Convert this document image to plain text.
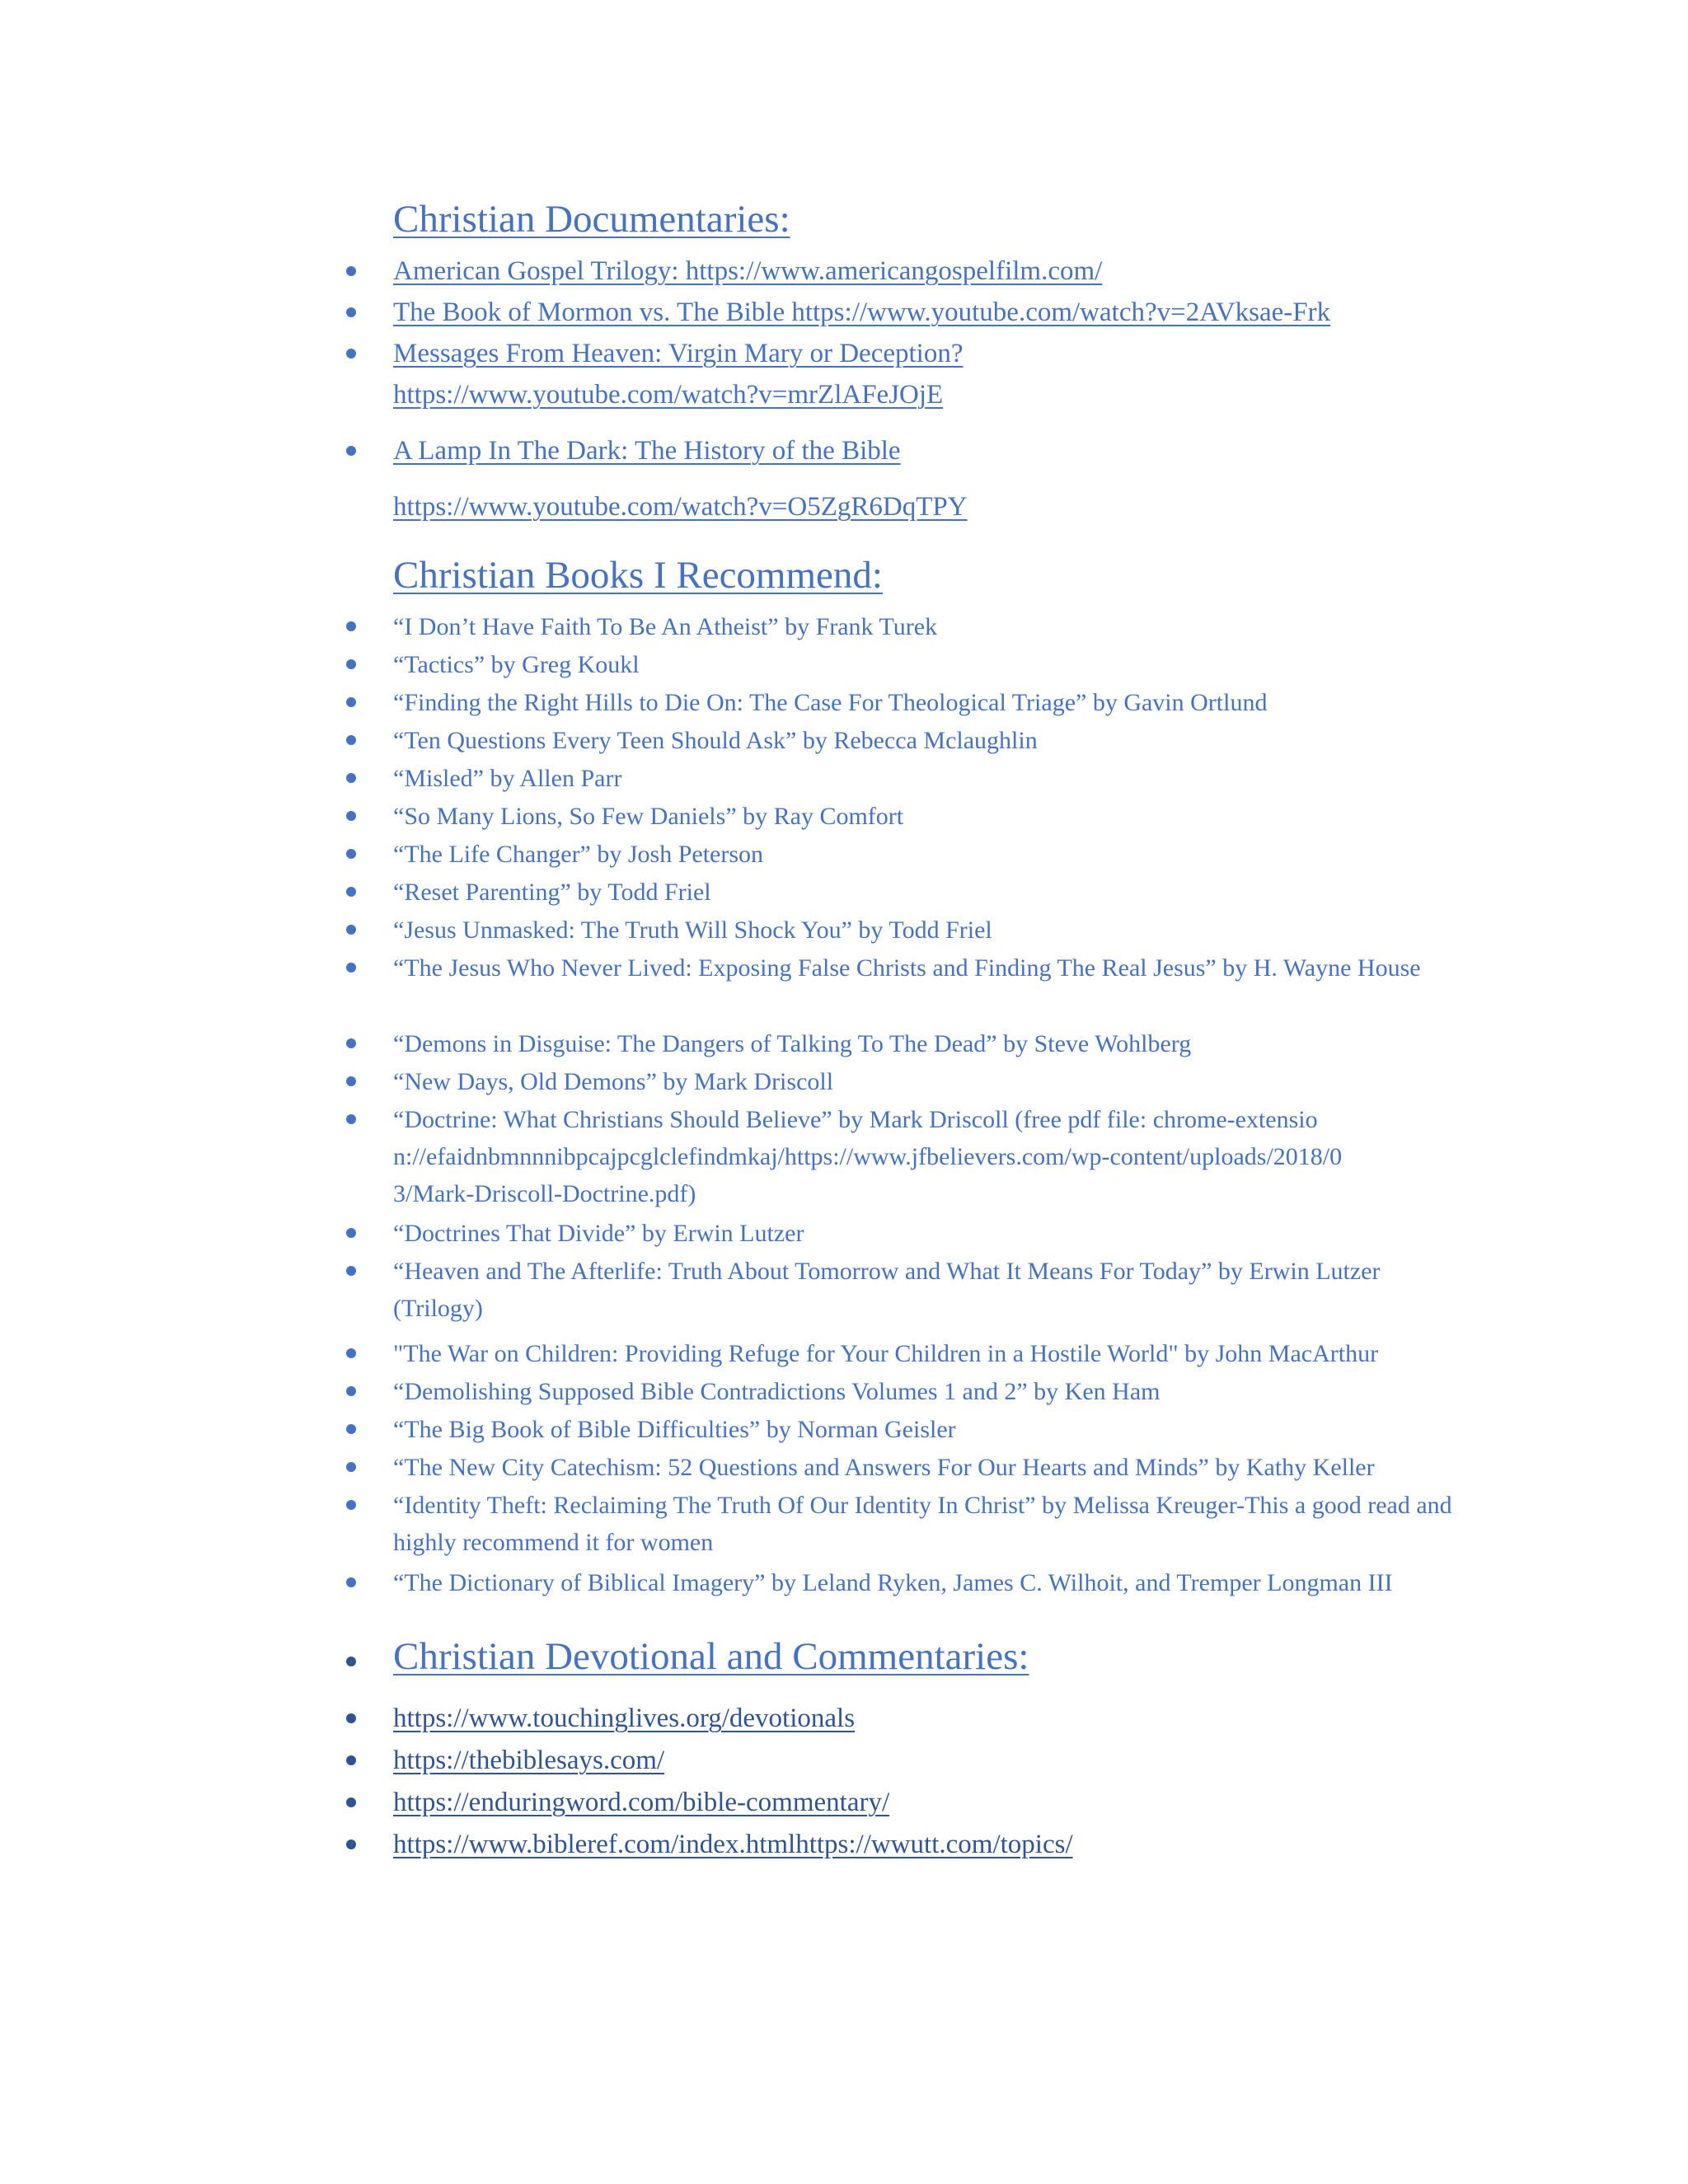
Christian Documentaries:
American Gospel Trilogy: https://www.americangospelfilm.com/
The Book of Mormon vs. The Bible https://www.youtube.com/watch?v=2AVksae-Frk
Messages From Heaven: Virgin Mary or Deception?
https://www.youtube.com/watch?v=mrZlAFeJOjE
A Lamp In The Dark: The History of the Bible
https://www.youtube.com/watch?v=O5ZgR6DqTPY
Christian Books I Recommend:
“I Don’t Have Faith To Be An Atheist” by Frank Turek
“Tactics” by Greg Koukl
“Finding the Right Hills to Die On: The Case For Theological Triage” by Gavin Ortlund
“Ten Questions Every Teen Should Ask” by Rebecca Mclaughlin
“Misled” by Allen Parr
“So Many Lions, So Few Daniels” by Ray Comfort
“The Life Changer” by Josh Peterson
“Reset Parenting” by Todd Friel
“Jesus Unmasked: The Truth Will Shock You” by Todd Friel
“The Jesus Who Never Lived: Exposing False Christs and Finding The Real Jesus” by H. Wayne House
“Demons in Disguise: The Dangers of Talking To The Dead” by Steve Wohlberg
“New Days, Old Demons” by Mark Driscoll
“Doctrine: What Christians Should Believe” by Mark Driscoll (free pdf file: chrome-extension://efaidnbmnnnibpcajpcglclefindmkaj/https://www.jfbelievers.com/wp-content/uploads/2018/03/Mark-Driscoll-Doctrine.pdf)
“Doctrines That Divide” by Erwin Lutzer
“Heaven and The Afterlife: Truth About Tomorrow and What It Means For Today” by Erwin Lutzer (Trilogy)
"The War on Children: Providing Refuge for Your Children in a Hostile World" by John MacArthur
“Demolishing Supposed Bible Contradictions Volumes 1 and 2” by Ken Ham
“The Big Book of Bible Difficulties” by Norman Geisler
“The New City Catechism: 52 Questions and Answers For Our Hearts and Minds” by Kathy Keller
“Identity Theft: Reclaiming The Truth Of Our Identity In Christ” by Melissa Kreuger-This a good read and highly recommend it for women
“The Dictionary of Biblical Imagery” by Leland Ryken, James C. Wilhoit, and Tremper Longman III
Christian Devotional and Commentaries:
https://www.touchinglives.org/devotionals
https://thebiblesays.com/
https://enduringword.com/bible-commentary/
https://www.bibleref.com/index.htmlhttps://wwutt.com/topics/
